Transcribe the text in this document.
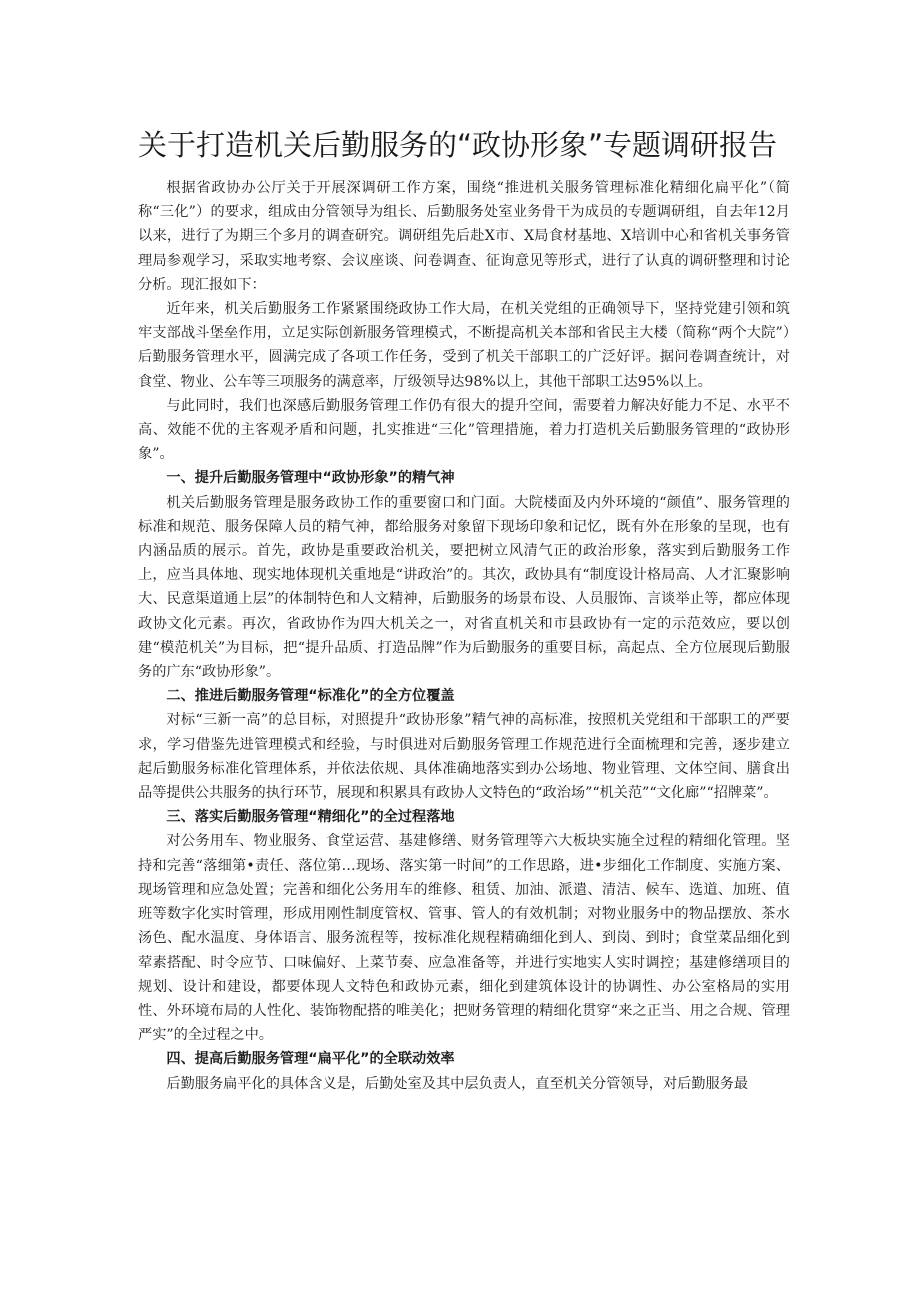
关于打造机关后勤服务的“政协形象”专题调研报告

根据省政协办公厅关于开展深调研工作方案，围绕“推进机关服务管理标准化精细化扁平化”（简称“三化”）的要求，组成由分管领导为组长、后勤服务处室业务骨干为成员的专题调研组，自去年12月以来，进行了为期三个多月的调查研究。调研组先后赴X市、X局食材基地、X培训中心和省机关事务管理局参观学习，采取实地考察、会议座谈、问卷调查、征询意见等形式，进行了认真的调研整理和讨论分析。现汇报如下：

近年来，机关后勤服务工作紧紧围绕政协工作大局，在机关党组的正确领导下，坚持党建引领和筑牢支部战斗堡垒作用，立足实际创新服务管理模式，不断提高机关本部和省民主大楼（简称“两个大院”）后勤服务管理水平，圆满完成了各项工作任务，受到了机关干部职工的广泛好评。据问卷调查统计，对食堂、物业、公车等三项服务的满意率，厅级领导达98%以上，其他干部职工达95%以上。

与此同时，我们也深感后勤服务管理工作仍有很大的提升空间，需要着力解决好能力不足、水平不高、效能不优的主客观矛盾和问题，扎实推进“三化”管理措施，着力打造机关后勤服务管理的“政协形象”。

一、提升后勤服务管理中“政协形象”的精气神

机关后勤服务管理是服务政协工作的重要窗口和门面。大院楼面及内外环境的“颜值”、服务管理的标准和规范、服务保障人员的精气神，都给服务对象留下现场印象和记忆，既有外在形象的呈现，也有内涵品质的展示。首先，政协是重要政治机关，要把树立风清气正的政治形象，落实到后勤服务工作上，应当具体地、现实地体现机关重地是“讲政治”的。其次，政协具有“制度设计格局高、人才汇聚影响大、民意渠道通上层”的体制特色和人文精神，后勤服务的场景布设、人员服饰、言谈举止等，都应体现政协文化元素。再次，省政协作为四大机关之一，对省直机关和市县政协有一定的示范效应，要以创建“模范机关”为目标，把“提升品质、打造品牌”作为后勤服务的重要目标，高起点、全方位展现后勤服务的广东“政协形象”。

二、推进后勤服务管理“标准化”的全方位覆盖

对标“三新一高”的总目标，对照提升“政协形象”精气神的高标准，按照机关党组和干部职工的严要求，学习借鉴先进管理模式和经验，与时俱进对后勤服务管理工作规范进行全面梳理和完善，逐步建立起后勤服务标准化管理体系，并依法依规、具体准确地落实到办公场地、物业管理、文体空间、膳食出品等提供公共服务的执行环节，展现和积累具有政协人文特色的“政治场”“机关范”“文化廊”“招牌菜”。

三、落实后勤服务管理“精细化”的全过程落地

对公务用车、物业服务、食堂运营、基建修缮、财务管理等六大板块实施全过程的精细化管理。坚持和完善“落细第•责任、落位第…现场、落实第一时间”的工作思路，进•步细化工作制度、实施方案、现场管理和应急处置；完善和细化公务用车的维修、租赁、加油、派遣、清洁、候车、选道、加班、值班等数字化实时管理，形成用刚性制度管权、管事、管人的有效机制；对物业服务中的物品摆放、茶水汤色、配水温度、身体语言、服务流程等，按标准化规程精确细化到人、到岗、到时；食堂菜品细化到荤素搭配、时令应节、口味偏好、上菜节奏、应急准备等，并进行实地实人实时调控；基建修缮项目的规划、设计和建设，都要体现人文特色和政协元素，细化到建筑体设计的协调性、办公室格局的实用性、外环境布局的人性化、装饰物配搭的唯美化；把财务管理的精细化贯穿“来之正当、用之合规、管理严实”的全过程之中。

四、提高后勤服务管理“扁平化”的全联动效率

后勤服务扁平化的具体含义是，后勤处室及其中层负责人，直至机关分管领导，对后勤服务最
